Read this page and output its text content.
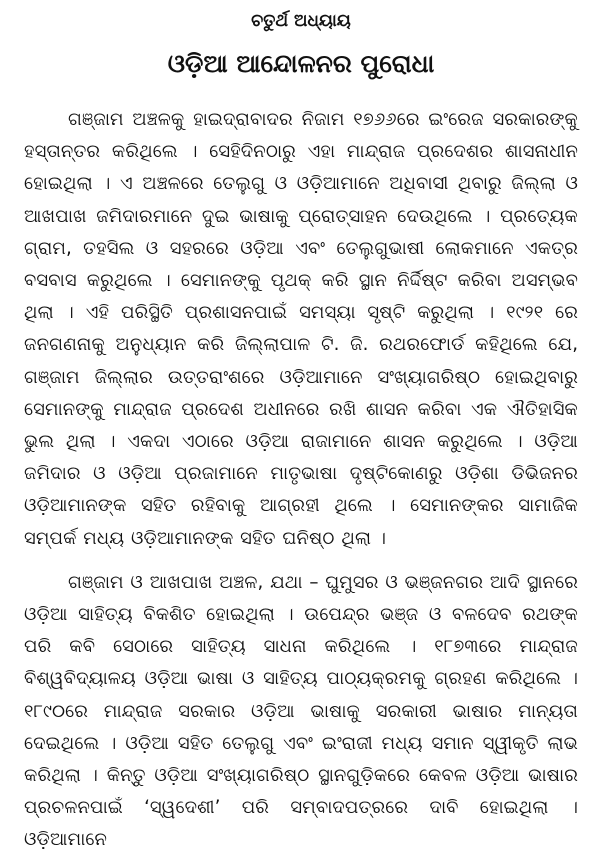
ଚତୁର୍ଥ ଅଧ୍ୟାୟ
ଓଡ଼ିଆ ଆନ୍ଦୋଳନର ପୁରୋଧା

ଗଞ୍ଜାମ ଅଞ୍ଚଳକୁ ହାଇଦ୍ରାବାଦର ନିଜାମ ୧୭୬୬ରେ ଇଂରେଜ ସରକାରଙ୍କୁ ହସ୍ତାନ୍ତର କରିଥିଲେ । ସେହିଦିନଠାରୁ ଏହା ମାନ୍ଦ୍ରାଜ ପ୍ରଦେଶର ଶାସନାଧୀନ ହୋଇଥିଲା । ଏ ଅଞ୍ଚଳରେ ତେଲୁଗୁ ଓ ଓଡ଼ିଆମାନେ ଅଧିବାସୀ ଥିବାରୁ ଜିଲ୍ଲା ଓ ଆଖପାଖ ଜମିଦାରମାନେ ଦୁଇ ଭାଷାକୁ ପ୍ରୋତ୍ସାହନ ଦେଉଥିଲେ । ପ୍ରତ୍ୟେକ ଗ୍ରାମ, ତହସିଲ ଓ ସହରରେ ଓଡ଼ିଆ ଏବଂ ତେଲୁଗୁଭାଷୀ ଲୋକମାନେ ଏକତ୍ର ବସବାସ କରୁଥିଲେ । ସେମାନଙ୍କୁ ପୃଥକ୍ କରି ସ୍ଥାନ ନିର୍ଦ୍ଦିଷ୍ଟ କରିବା ଅସମ୍ଭବ ଥିଲା । ଏହି ପରିସ୍ଥିତି ପ୍ରଶାସନପାଇଁ ସମସ୍ୟା ସୃଷ୍ଟି କରୁଥିଲା । ୧୯୨୧ ରେ ଜନଗଣନାକୁ ଅନୁଧ୍ୟାନ କରି ଜିଲ୍ଲାପାଳ ଟି. ଜି. ରଥରଫୋର୍ଡ କହିଥିଲେ ଯେ, ଗଞ୍ଜାମ ଜିଲ୍ଲାର ଉତ୍ତରାଂଶରେ ଓଡ଼ିଆମାନେ ସଂଖ୍ୟାଗରିଷ୍ଠ ହୋଇଥିବାରୁ ସେମାନଙ୍କୁ ମାନ୍ଦ୍ରାଜ ପ୍ରଦେଶ ଅଧୀନରେ ରଖି ଶାସନ କରିବା ଏକ ଐତିହାସିକ ଭୁଲ ଥିଲା । ଏକଦା ଏଠାରେ ଓଡ଼ିଆ ରାଜାମାନେ ଶାସନ କରୁଥିଲେ । ଓଡ଼ିଆ ଜମିଦାର ଓ ଓଡ଼ିଆ ପ୍ରଜାମାନେ ମାତୃଭାଷା ଦୃଷ୍ଟିକୋଣରୁ ଓଡ଼ିଶା ଡିଭିଜନର ଓଡ଼ିଆମାନଙ୍କ ସହିତ ରହିବାକୁ ଆଗ୍ରହୀ ଥିଲେ । ସେମାନଙ୍କର ସାମାଜିକ ସମ୍ପର୍କ ମଧ୍ୟ ଓଡ଼ିଆମାନଙ୍କ ସହିତ ଘନିଷ୍ଠ ଥିଲା ।

ଗଞ୍ଜାମ ଓ ଆଖପାଖ ଅଞ୍ଚଳ, ଯଥା – ଘୁମୁସର ଓ ଭଞ୍ଜନଗର ଆଦି ସ୍ଥାନରେ ଓଡ଼ିଆ ସାହିତ୍ୟ ବିକଶିତ ହୋଇଥିଲା । ଉପେନ୍ଦ୍ର ଭଞ୍ଜ ଓ ବଳଦେବ ରଥଙ୍କ ପରି କବି ସେଠାରେ ସାହିତ୍ୟ ସାଧନା କରିଥିଲେ । ୧୮୭୩ରେ ମାନ୍ଦ୍ରାଜ ବିଶ୍ୱବିଦ୍ୟାଳୟ ଓଡ଼ିଆ ଭାଷା ଓ ସାହିତ୍ୟ ପାଠ୍ୟକ୍ରମକୁ ଗ୍ରହଣ କରିଥିଲେ । ୧୮୯୦ରେ ମାନ୍ଦ୍ରାଜ ସରକାର ଓଡ଼ିଆ ଭାଷାକୁ ସରକାରୀ ଭାଷାର ମାନ୍ୟତା ଦେଇଥିଲେ । ଓଡ଼ିଆ ସହିତ ତେଲୁଗୁ ଏବଂ ଇଂରାଜୀ ମଧ୍ୟ ସମାନ ସ୍ୱୀକୃତି ଲାଭ କରିଥିଲା । କିନ୍ତୁ ଓଡ଼ିଆ ସଂଖ୍ୟାଗରିଷ୍ଠ ସ୍ଥାନଗୁଡ଼ିକରେ କେବଳ ଓଡ଼ିଆ ଭାଷାର ପ୍ରଚଳନପାଇଁ ‘ସ୍ୱଦେଶୀ’ ପରି ସମ୍ବାଦପତ୍ରରେ ଦାବି ହୋଇଥିଲା । ଓଡ଼ିଆମାନେ
